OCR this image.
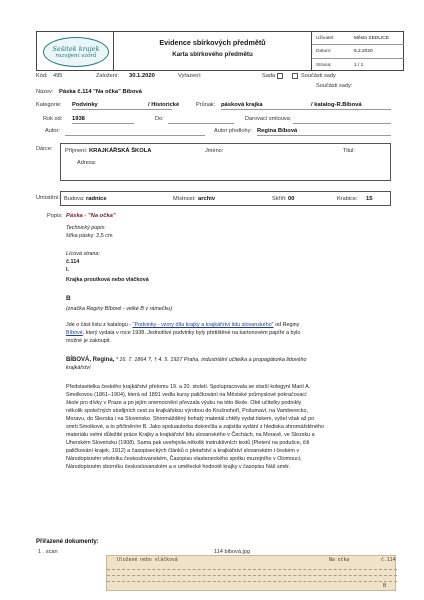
Sešitek krajek
rozvíjení vzorů
Evidence sbírkových předmětů
Karta sbírkového předmětu
Uživatel:	Město SEDLICE
Datum:	5.2.2020
Strana:	1 / 1
Kód: 495	Založení: 30.1.2020	Vyřazení:	Sada	Součásti sady
Součásti sady:
Název: Páska č.114 "Na očka" Bíbová
Kategorie: Podvinky	/ Historické	Průnak: pásková krajka	/ katalog-R.Bíbová
Rok od: 1938	Do:	Darovací smlouva:
Autor:	Autor předlohy: Regina Bíbová
Dárce: Příjmení: KRAJKÁŘSKÁ ŠKOLA	Jméno:	Titul:
Adresa:
Umístění: Budova: radnice	Místnost: archiv	Skříň: 00	Krabice: 15
Popis: Páska - "Na očka"
Technický popis:
šířka pásky: 2,5 cm
Lícová strana:
č.114
I.
Krajka proutková nebo vláčková
B
(značka Reginy Bíbové - velké B v rámečku)
Jde o část listu z katalogu - "Podvinky - vzory díla krajky a krajkářství lidu slovanského" od Reginy
Bíbové, který vydala v roce 1938. Jednotlivé podvinky byly přetištěné na kartonovém papíře a bylo
možné je zakoupit.
BÍBOVÁ, Regina, * 16. 7. 1864 ?, † 4. 5. 1927 Praha, industriální učitelka a propagátorka lidového
krajkářství
Představitelka českého krajkářství přelomu 19. a 20. století. Spolupracovala se starší kolegyní Marií A.
Smolkovou (1861–1904), která od 1891 vedla kursy paličkování na Městské průmyslové pokračovací
škole pro dívky v Praze a po jejím onemocnění převzala výuku na této škole. Obě učitelky podnikly
několik společných studijních cest za krajkářskou výrobou do Krušnohoří, Pošumaví, na Vamberecko,
Moravu, do Slezska i na Slovensko. Shromážděný bohatý materiál chtěly vydat tiskem, vyšel však až po
smrti Smolkové, a to přičiněním B. Jako spoluautorka dokončila a zajistila vydání z hlediska shromážděného
materiálu velmi důležité práce Krajky a krajkářství lidu slovanského v Čechách, na Moravě, ve Slezsku a
Uherském Slovensku (1908). Sama pak uveřejnila několik instruktivních textů (Pletení na podušce, čili
paličkování krajek, 1912) a časopiseckých článků o pletařství a krajkářství slovanském i českém v
Národopisném věstníku českoslovanském, Časopisu vlasteneckého spolku muzejního v Olomouci,
Národopisném sborníku českoslovanském a o umělecké hodnotě krajky v časopisu Náš směr.
Přiřazené dokumenty:
1 . scan	114 bibová.jpg
Uložené nebo vláčková	Na očka	č.114
B
